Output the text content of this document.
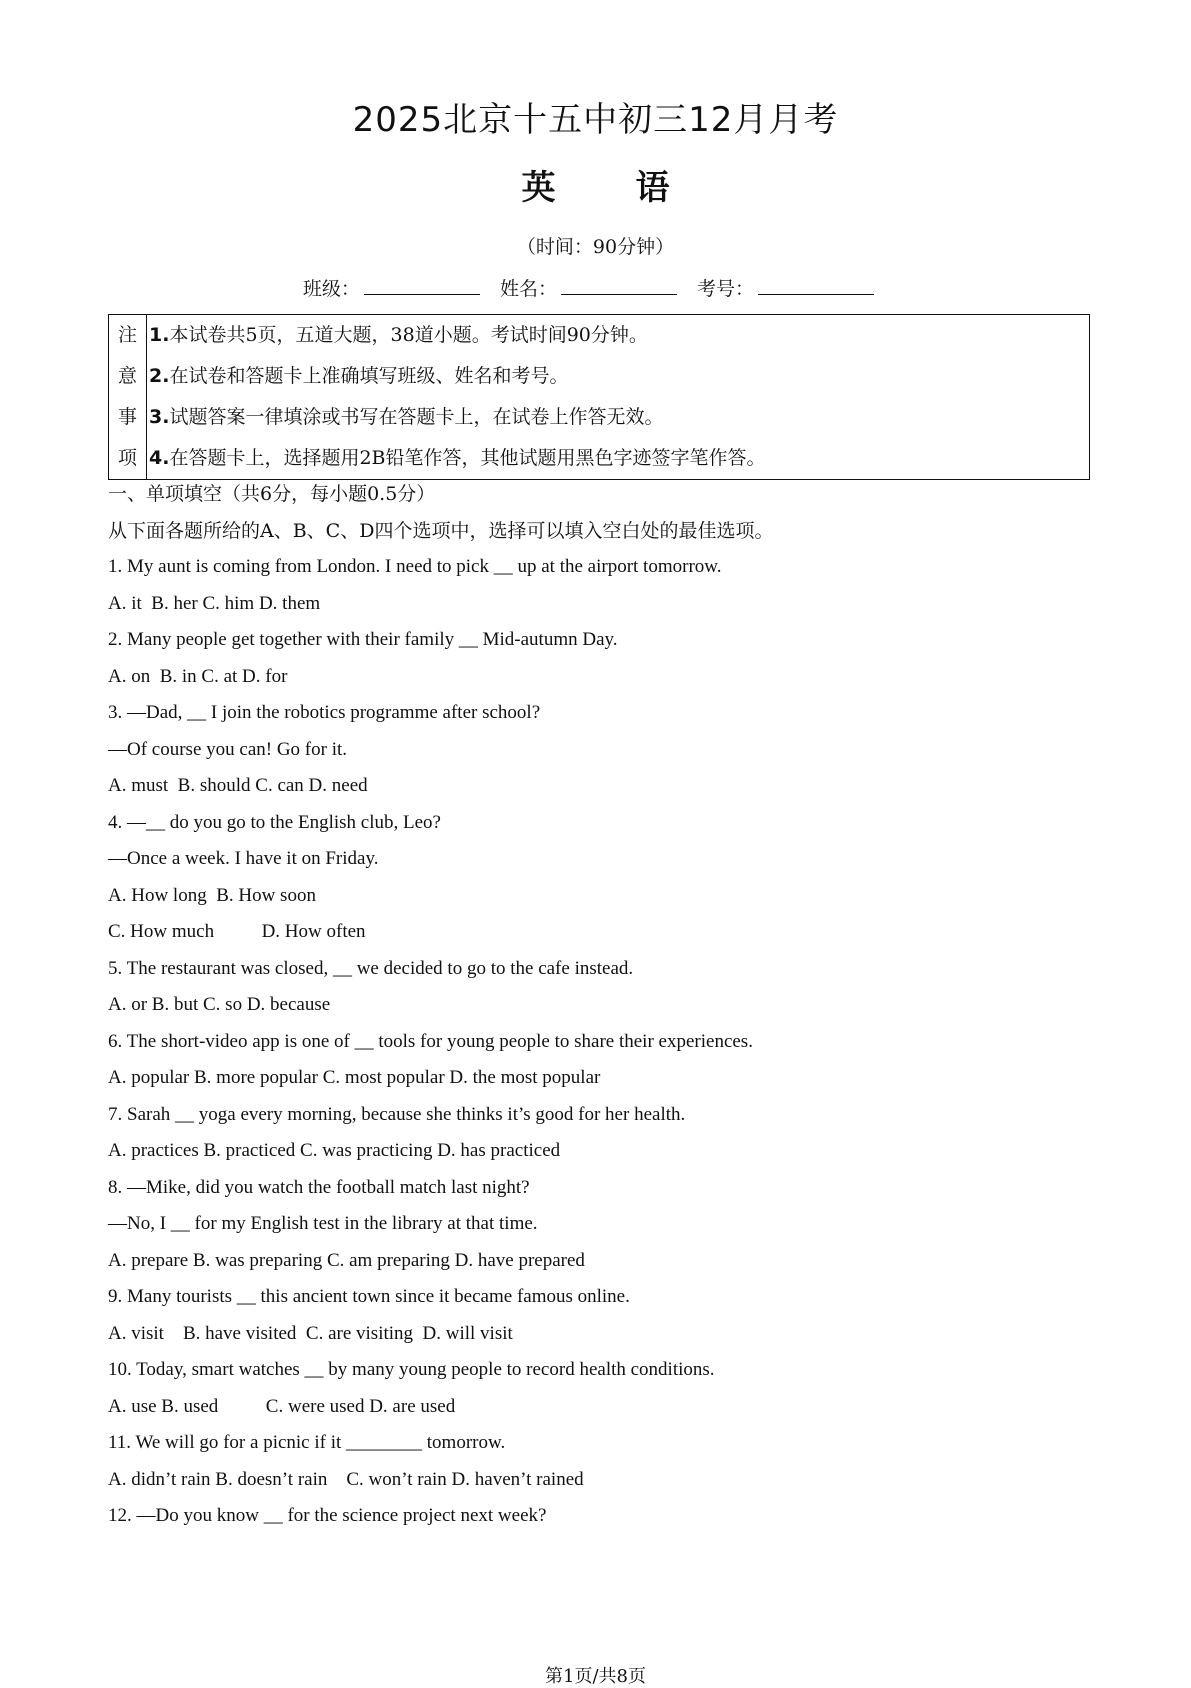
2025北京十五中初三12月月考
英 语
（时间：90分钟）
班级：	姓名：	考号：
注
意
事
项
1.本试卷共5页，五道大题，38道小题。考试时间90分钟。
2.在试卷和答题卡上准确填写班级、姓名和考号。
3.试题答案一律填涂或书写在答题卡上，在试卷上作答无效。
4.在答题卡上，选择题用2B铅笔作答，其他试题用黑色字迹签字笔作答。
一、单项填空（共6分，每小题0.5分）
从下面各题所给的A、B、C、D四个选项中，选择可以填入空白处的最佳选项。
1. My aunt is coming from London. I need to pick __ up at the airport tomorrow.
A. it  B. her C. him D. them
2. Many people get together with their family __ Mid-autumn Day.
A. on  B. in C. at D. for
3. —Dad, __ I join the robotics programme after school?
—Of course you can! Go for it.
A. must  B. should C. can D. need
4. —__ do you go to the English club, Leo?
—Once a week. I have it on Friday.
A. How long  B. How soon
C. How much          D. How often
5. The restaurant was closed, __ we decided to go to the cafe instead.
A. or B. but C. so D. because
6. The short-video app is one of __ tools for young people to share their experiences.
A. popular B. more popular C. most popular D. the most popular
7. Sarah __ yoga every morning, because she thinks it’s good for her health.
A. practices B. practiced C. was practicing D. has practiced
8. —Mike, did you watch the football match last night?
—No, I __ for my English test in the library at that time.
A. prepare B. was preparing C. am preparing D. have prepared
9. Many tourists __ this ancient town since it became famous online.
A. visit    B. have visited  C. are visiting  D. will visit
10. Today, smart watches __ by many young people to record health conditions.
A. use B. used          C. were used D. are used
11. We will go for a picnic if it ________ tomorrow.
A. didn’t rain B. doesn’t rain    C. won’t rain D. haven’t rained
12. —Do you know __ for the science project next week?
第1页/共8页
